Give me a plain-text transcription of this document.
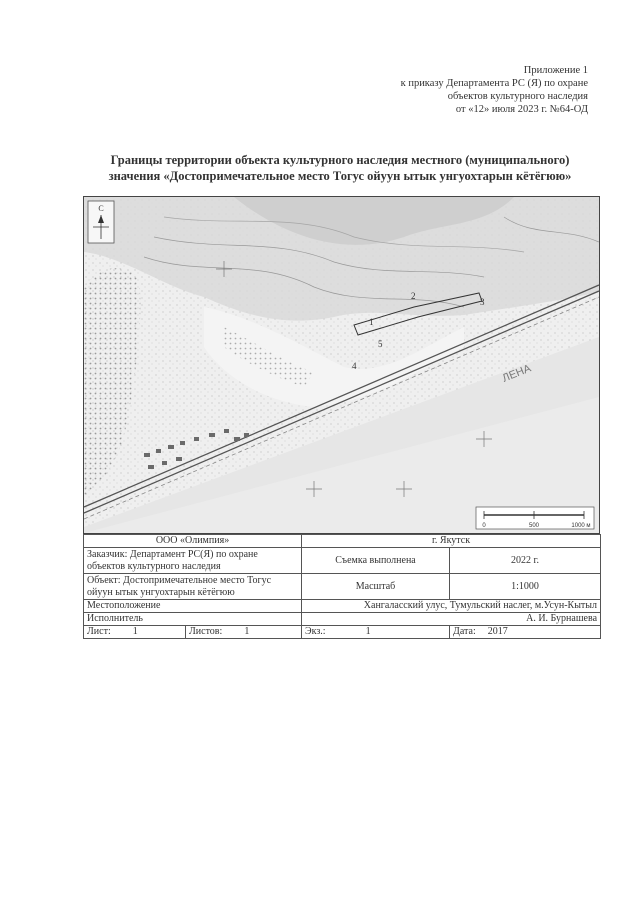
Приложение 1
к приказу Департамента РС (Я) по охране
объектов культурного наследия
от «12» июля 2023 г. №64-ОД
Границы территории объекта культурного наследия местного (муниципального)
значения «Достопримечательное место Тогус ойуун ытык унгуохтарын кётёгюю»
1
2
3
4
5
ЛЕНА
С
0	500	1000 м
ООО «Олимпия»		г. Якутск	
Заказчик: Департамент РС(Я) по охране объектов культурного наследия		Съемка выполнена	2022 г.
Объект: Достопримечательное место Тогус ойуун ытык унгуохтарын кётёгюю		Масштаб	1:1000
Местоположение		Хангаласский улус, Тумульский наслег, м.Усун-Кытыл	
Исполнитель		А. И. Бурнашева	
Лист: 1	Листов: 1	Экз.: 1	Дата: 2017
